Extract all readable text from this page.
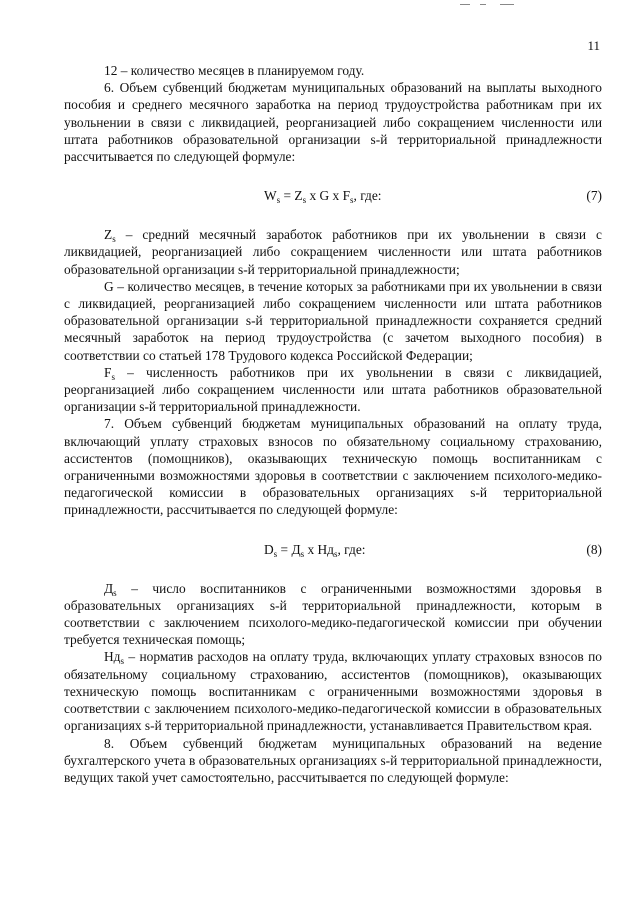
11

12 – количество месяцев в планируемом году.

6. Объем субвенций бюджетам муниципальных образований на выплаты выходного пособия и среднего месячного заработка на период трудоустройства работникам при их увольнении в связи с ликвидацией, реорганизацией либо сокращением численности или штата работников образовательной организации s-й территориальной принадлежности рассчитывается по следующей формуле:

$W_s = Z_s$ x G x $F_s$, где:	(7)

$Z_s$ – средний месячный заработок работников при их увольнении в связи с ликвидацией, реорганизацией либо сокращением численности или штата работников образовательной организации s-й территориальной принадлежности;

G – количество месяцев, в течение которых за работниками при их увольнении в связи с ликвидацией, реорганизацией либо сокращением численности или штата работников образовательной организации s-й территориальной принадлежности сохраняется средний месячный заработок на период трудоустройства (с зачетом выходного пособия) в соответствии со статьей 178 Трудового кодекса Российской Федерации;

$F_s$ – численность работников при их увольнении в связи с ликвидацией, реорганизацией либо сокращением численности или штата работников образовательной организации s-й территориальной принадлежности.

7. Объем субвенций бюджетам муниципальных образований на оплату труда, включающий уплату страховых взносов по обязательному социальному страхованию, ассистентов (помощников), оказывающих техническую помощь воспитанникам с ограниченными возможностями здоровья в соответствии с заключением психолого-медико-педагогической комиссии в образовательных организациях s-й территориальной принадлежности, рассчитывается по следующей формуле:

$D_s = Д_s$ x $Нд_s$, где:	(8)

$Д_s$ – число воспитанников с ограниченными возможностями здоровья в образовательных организациях s-й территориальной принадлежности, которым в соответствии с заключением психолого-медико-педагогической комиссии при обучении требуется техническая помощь;

$Нд_s$ – норматив расходов на оплату труда, включающих уплату страховых взносов по обязательному социальному страхованию, ассистентов (помощников), оказывающих техническую помощь воспитанникам с ограниченными возможностями здоровья в соответствии с заключением психолого-медико-педагогической комиссии в образовательных организациях s-й территориальной принадлежности, устанавливается Правительством края.

8. Объем субвенций бюджетам муниципальных образований на ведение бухгалтерского учета в образовательных организациях s-й территориальной принадлежности, ведущих такой учет самостоятельно, рассчитывается по следующей формуле:
